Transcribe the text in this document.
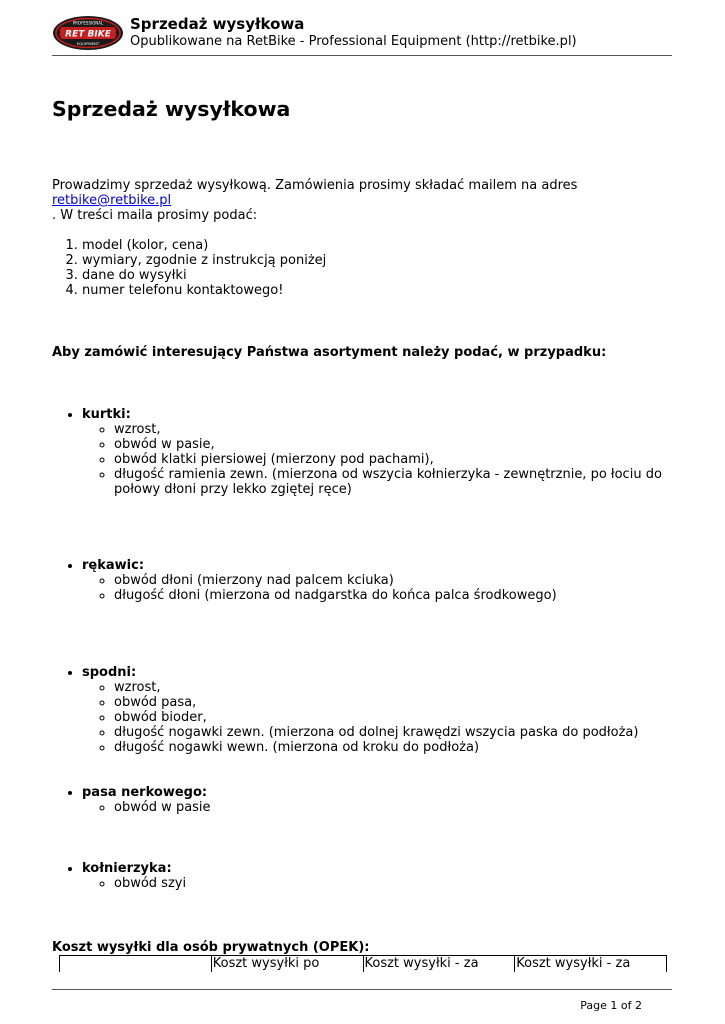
PROFESSIONAL
RET BIKE
EQUIPMENT
Sprzedaż wysyłkowa
Opublikowane na RetBike - Professional Equipment (http://retbike.pl)
Sprzedaż wysyłkowa
Prowadzimy sprzedaż wysyłkową. Zamówienia prosimy składać mailem na adres retbike@retbike.pl
. W treści maila prosimy podać:
1. model (kolor, cena)
2. wymiary, zgodnie z instrukcją poniżej
3. dane do wysyłki
4. numer telefonu kontaktowego!
Aby zamówić interesujący Państwa asortyment należy podać, w przypadku:
• kurtki:
◦ wzrost,
◦ obwód w pasie,
◦ obwód klatki piersiowej (mierzony pod pachami),
◦ długość ramienia zewn. (mierzona od wszycia kołnierzyka - zewnętrznie, po łociu do połowy dłoni przy lekko zgiętej ręce)
• rękawic:
◦ obwód dłoni (mierzony nad palcem kciuka)
◦ długość dłoni (mierzona od nadgarstka do końca palca środkowego)
• spodni:
◦ wzrost,
◦ obwód pasa,
◦ obwód bioder,
◦ długość nogawki zewn. (mierzona od dolnej krawędzi wszycia paska do podłoża)
◦ długość nogawki wewn. (mierzona od kroku do podłoża)
• pasa nerkowego:
◦ obwód w pasie
• kołnierzyka:
◦ obwód szyi
Koszt wysyłki dla osób prywatnych (OPEK):
	Koszt wysyłki po	Koszt wysyłki - za	Koszt wysyłki - za
Page 1 of 2
